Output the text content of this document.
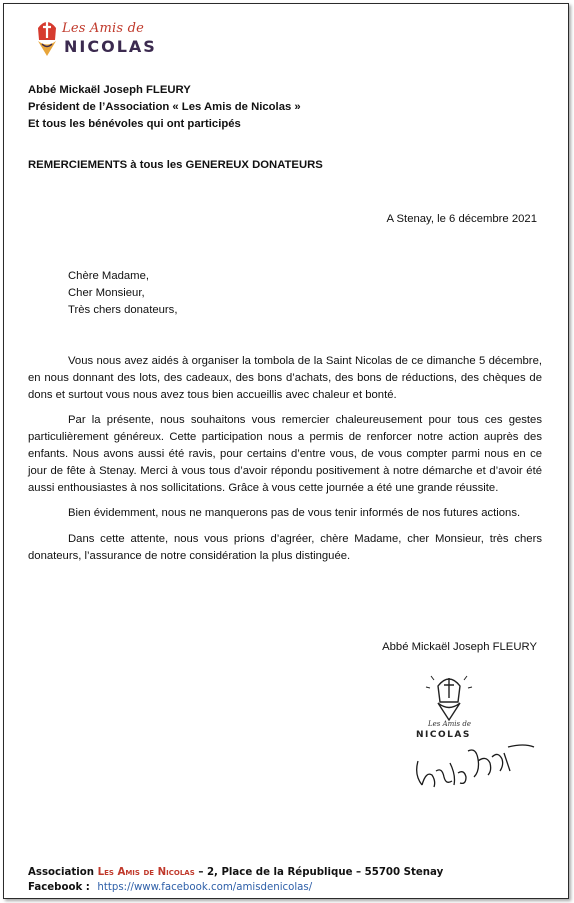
Les Amis de
NICOLAS
Abbé Mickaël Joseph FLEURY
Président de l’Association « Les Amis de Nicolas »
Et tous les bénévoles qui ont participés
REMERCIEMENTS à tous les GENEREUX DONATEURS
A Stenay, le 6 décembre 2021
Chère Madame,
Cher Monsieur,
Très chers donateurs,

Vous nous avez aidés à organiser la tombola de la Saint Nicolas de ce dimanche 5 décembre, en nous donnant des lots, des cadeaux, des bons d’achats, des bons de réductions, des chèques de dons et surtout vous nous avez tous bien accueillis avec chaleur et bonté.

Par la présente, nous souhaitons vous remercier chaleureusement pour tous ces gestes particulièrement généreux. Cette participation nous a permis de renforcer notre action auprès des enfants. Nous avons aussi été ravis, pour certains d’entre vous, de vous compter parmi nous en ce jour de fête à Stenay. Merci à vous tous d’avoir répondu positivement à notre démarche et d’avoir été aussi enthousiastes à nos sollicitations. Grâce à vous cette journée a été une grande réussite.

Bien évidemment, nous ne manquerons pas de vous tenir informés de nos futures actions.

Dans cette attente, nous vous prions d’agréer, chère Madame, cher Monsieur, très chers donateurs, l’assurance de notre considération la plus distinguée.

Abbé Mickaël Joseph FLEURY
Les Amis de
NICOLAS
Association Les Amis de Nicolas – 2, Place de la République – 55700 Stenay
Facebook : https://www.facebook.com/amisdenicolas/
